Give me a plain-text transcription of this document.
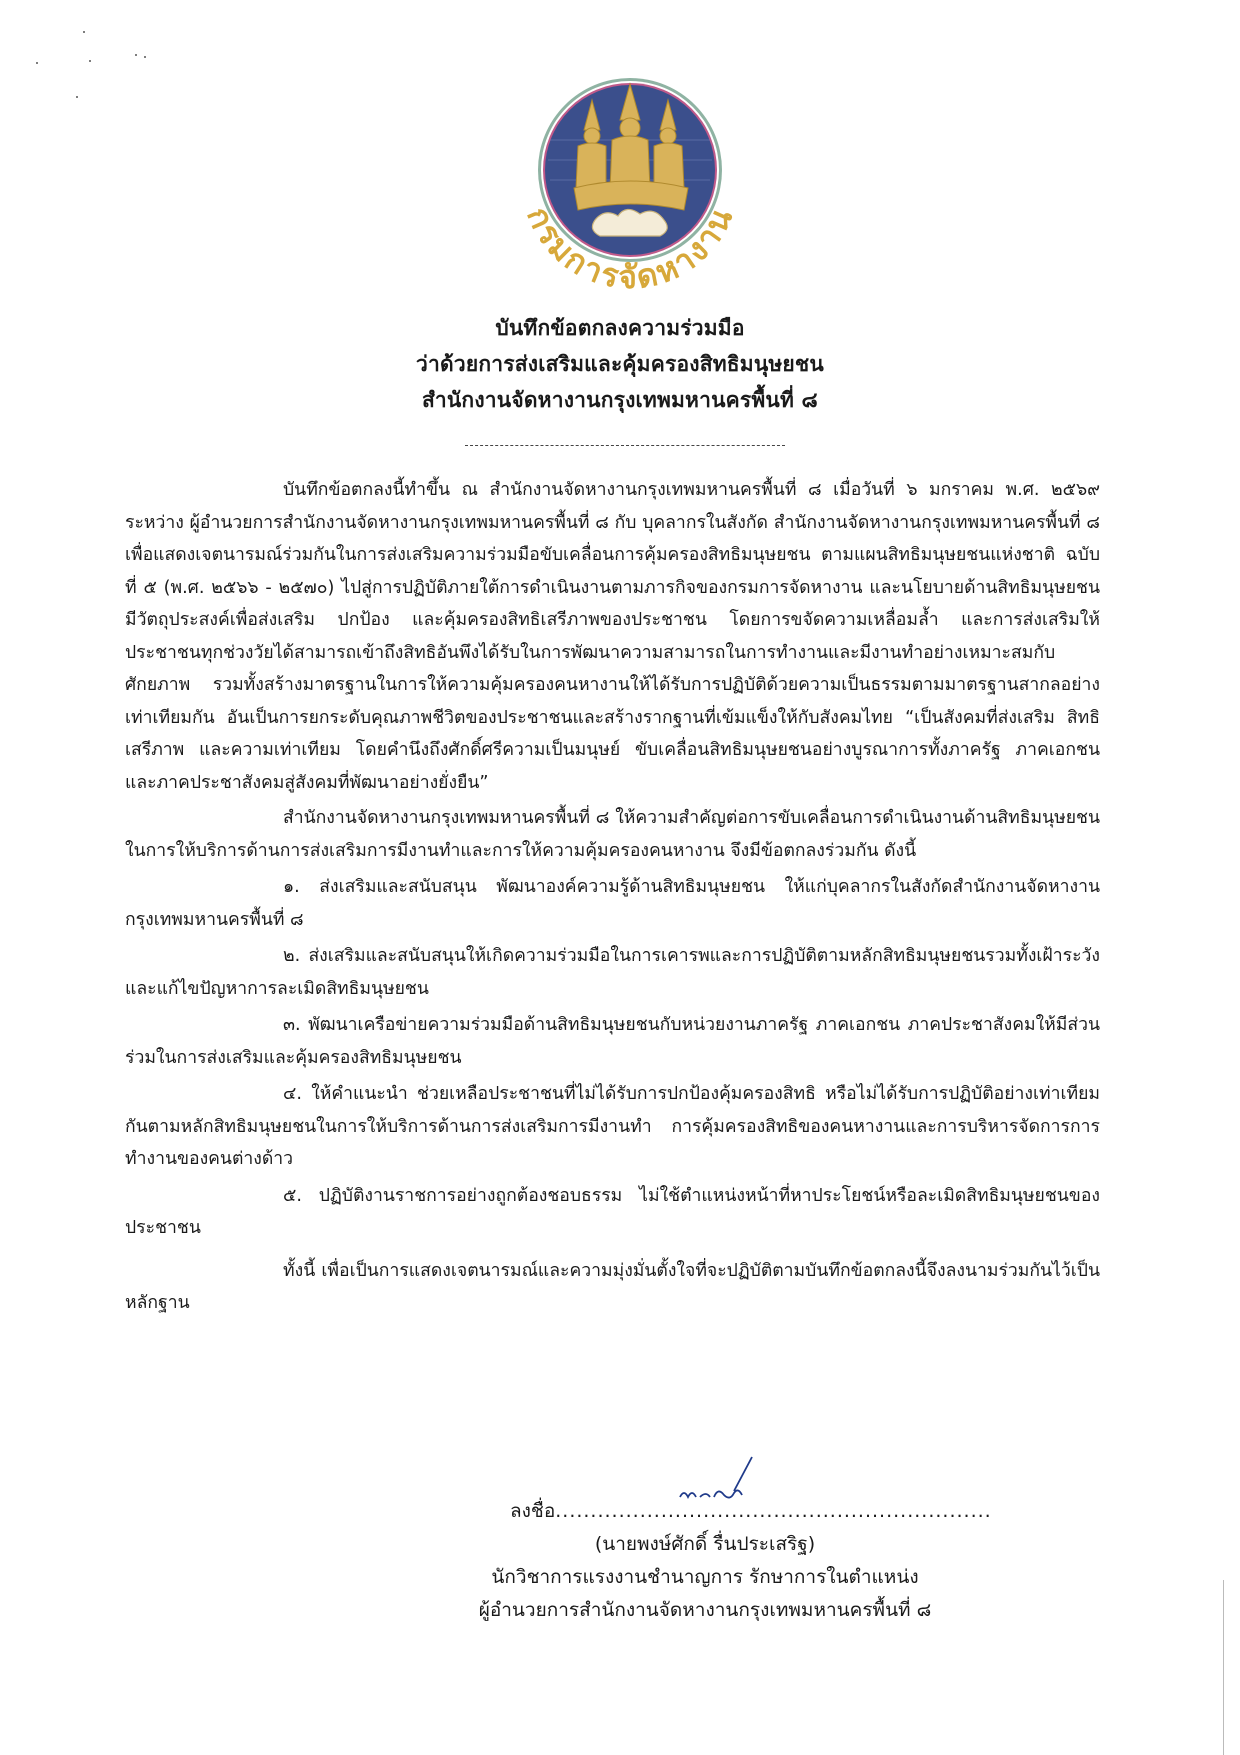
กรมการจัดหางาน
บันทึกข้อตกลงความร่วมมือ
ว่าด้วยการส่งเสริมและคุ้มครองสิทธิมนุษยชน
สำนักงานจัดหางานกรุงเทพมหานครพื้นที่ ๘

บันทึกข้อตกลงนี้ทำขึ้น ณ สำนักงานจัดหางานกรุงเทพมหานครพื้นที่ ๘ เมื่อวันที่ ๖ มกราคม พ.ศ. ๒๕๖๙ ระหว่าง ผู้อำนวยการสำนักงานจัดหางานกรุงเทพมหานครพื้นที่ ๘ กับ บุคลากรในสังกัด สำนักงานจัดหางานกรุงเทพมหานครพื้นที่ ๘ เพื่อแสดงเจตนารมณ์ร่วมกันในการส่งเสริมความร่วมมือขับเคลื่อนการคุ้มครองสิทธิมนุษยชน ตามแผนสิทธิมนุษยชนแห่งชาติ ฉบับที่ ๕ (พ.ศ. ๒๕๖๖ - ๒๕๗๐) ไปสู่การปฏิบัติภายใต้การดำเนินงานตามภารกิจของกรมการจัดหางาน และนโยบายด้านสิทธิมนุษยชน มีวัตถุประสงค์เพื่อส่งเสริม ปกป้อง และคุ้มครองสิทธิเสรีภาพของประชาชน โดยการขจัดความเหลื่อมล้ำ และการส่งเสริมให้ประชาชนทุกช่วงวัยได้สามารถเข้าถึงสิทธิอันพึงได้รับในการพัฒนาความสามารถในการทำงานและมีงานทำอย่างเหมาะสมกับศักยภาพ รวมทั้งสร้างมาตรฐานในการให้ความคุ้มครองคนหางานให้ได้รับการปฏิบัติด้วยความเป็นธรรมตามมาตรฐานสากลอย่างเท่าเทียมกัน อันเป็นการยกระดับคุณภาพชีวิตของประชาชนและสร้างรากฐานที่เข้มแข็งให้กับสังคมไทย “เป็นสังคมที่ส่งเสริม สิทธิ เสรีภาพ และความเท่าเทียม โดยคำนึงถึงศักดิ์ศรีความเป็นมนุษย์ ขับเคลื่อนสิทธิมนุษยชนอย่างบูรณาการทั้งภาครัฐ ภาคเอกชน และภาคประชาสังคมสู่สังคมที่พัฒนาอย่างยั่งยืน”

สำนักงานจัดหางานกรุงเทพมหานครพื้นที่ ๘ ให้ความสำคัญต่อการขับเคลื่อนการดำเนินงานด้านสิทธิมนุษยชน ในการให้บริการด้านการส่งเสริมการมีงานทำและการให้ความคุ้มครองคนหางาน จึงมีข้อตกลงร่วมกัน ดังนี้

๑. ส่งเสริมและสนับสนุน พัฒนาองค์ความรู้ด้านสิทธิมนุษยชน ให้แก่บุคลากรในสังกัดสำนักงานจัดหางานกรุงเทพมหานครพื้นที่ ๘

๒. ส่งเสริมและสนับสนุนให้เกิดความร่วมมือในการเคารพและการปฏิบัติตามหลักสิทธิมนุษยชนรวมทั้งเฝ้าระวังและแก้ไขปัญหาการละเมิดสิทธิมนุษยชน

๓. พัฒนาเครือข่ายความร่วมมือด้านสิทธิมนุษยชนกับหน่วยงานภาครัฐ ภาคเอกชน ภาคประชาสังคมให้มีส่วนร่วมในการส่งเสริมและคุ้มครองสิทธิมนุษยชน

๔. ให้คำแนะนำ ช่วยเหลือประชาชนที่ไม่ได้รับการปกป้องคุ้มครองสิทธิ หรือไม่ได้รับการปฏิบัติอย่างเท่าเทียม กันตามหลักสิทธิมนุษยชนในการให้บริการด้านการส่งเสริมการมีงานทำ การคุ้มครองสิทธิของคนหางานและการบริหารจัดการการทำงานของคนต่างด้าว

๕. ปฏิบัติงานราชการอย่างถูกต้องชอบธรรม ไม่ใช้ตำแหน่งหน้าที่หาประโยชน์หรือละเมิดสิทธิมนุษยชนของประชาชน

ทั้งนี้ เพื่อเป็นการแสดงเจตนารมณ์และความมุ่งมั่นตั้งใจที่จะปฏิบัติตามบันทึกข้อตกลงนี้จึงลงนามร่วมกันไว้เป็นหลักฐาน

ลงชื่อ..............................................................
(นายพงษ์ศักดิ์ รื่นประเสริฐ)
นักวิชาการแรงงานชำนาญการ รักษาการในตำแหน่ง
ผู้อำนวยการสำนักงานจัดหางานกรุงเทพมหานครพื้นที่ ๘
